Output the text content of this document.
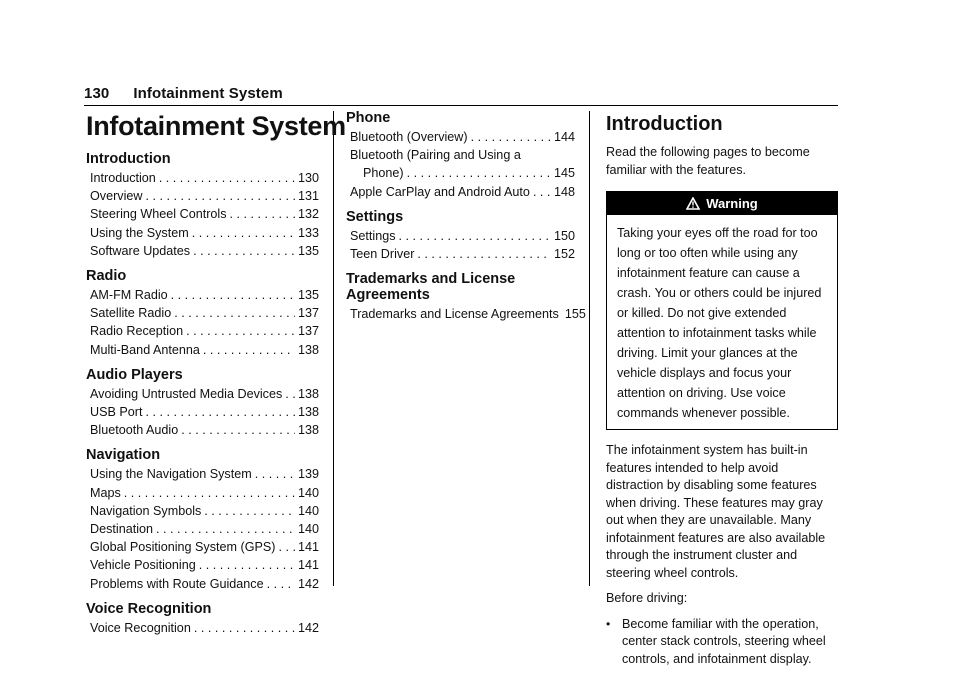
130 Infotainment System
Infotainment System
Introduction
Introduction . . .	130
Overview . . .	131
Steering Wheel Controls . . .	132
Using the System . . .	133
Software Updates . . .	135
Radio
AM-FM Radio . . .	135
Satellite Radio . . .	137
Radio Reception . . .	137
Multi-Band Antenna . . .	138
Audio Players
Avoiding Untrusted Media Devices . . . 138
USB Port . . .	138
Bluetooth Audio . . .	138
Navigation
Using the Navigation System . . .	139
Maps . . .	140
Navigation Symbols . . .	140
Destination . . .	140
Global Positioning System (GPS) . . . 141
Vehicle Positioning . . .	141
Problems with Route Guidance . . .	142
Voice Recognition
Voice Recognition . . .	142
Phone
Bluetooth (Overview) . . .	144
Bluetooth (Pairing and Using a
Phone) . . .	145
Apple CarPlay and Android Auto . . . 148
Settings
Settings . . .	150
Teen Driver . . .	152
Trademarks and License Agreements
Trademarks and License Agreements 155
Introduction
Read the following pages to become familiar with the features.
Warning
Taking your eyes off the road for too long or too often while using any infotainment feature can cause a crash. You or others could be injured or killed. Do not give extended attention to infotainment tasks while driving. Limit your glances at the vehicle displays and focus your attention on driving. Use voice commands whenever possible.
The infotainment system has built-in features intended to help avoid distraction by disabling some features when driving. These features may gray out when they are unavailable. Many infotainment features are also available through the instrument cluster and steering wheel controls.
Before driving:
• Become familiar with the operation, center stack controls, steering wheel controls, and infotainment display.
